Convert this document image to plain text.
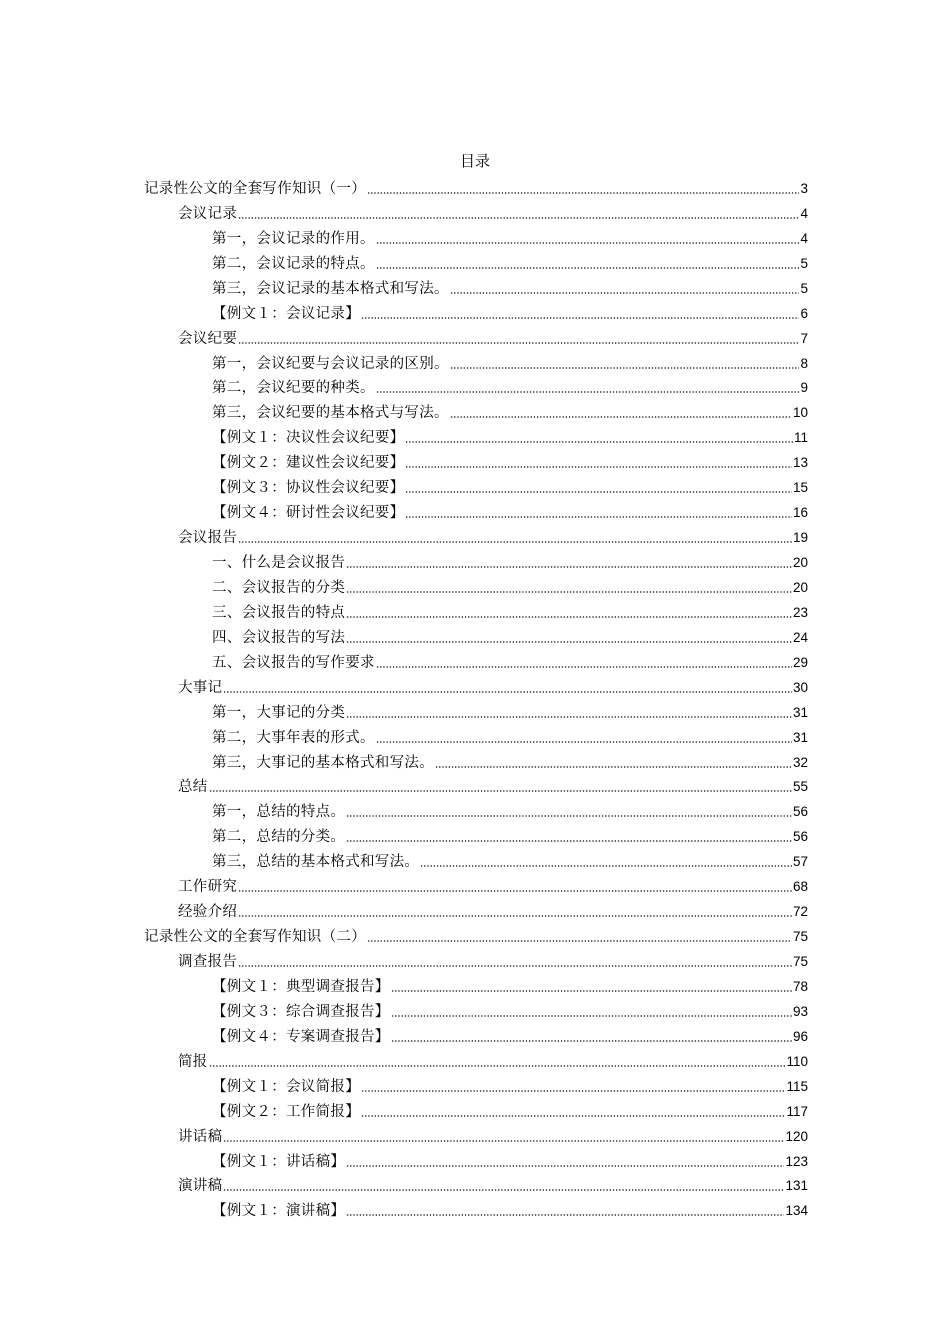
目录
记录性公文的全套写作知识（一）	3
会议记录	4
第一，会议记录的作用。	4
第二，会议记录的特点。	5
第三，会议记录的基本格式和写法。	5
【例文１：会议记录】	6
会议纪要	7
第一，会议纪要与会议记录的区别。	8
第二，会议纪要的种类。	9
第三，会议纪要的基本格式与写法。	10
【例文１：决议性会议纪要】	11
【例文２：建议性会议纪要】	13
【例文３：协议性会议纪要】	15
【例文４：研讨性会议纪要】	16
会议报告	19
一、什么是会议报告	20
二、会议报告的分类	20
三、会议报告的特点	23
四、会议报告的写法	24
五、会议报告的写作要求	29
大事记	30
第一，大事记的分类	31
第二，大事年表的形式。	31
第三，大事记的基本格式和写法。	32
总结	55
第一，总结的特点。	56
第二，总结的分类。	56
第三，总结的基本格式和写法。	57
工作研究	68
经验介绍	72
记录性公文的全套写作知识（二）	75
调查报告	75
【例文１：典型调查报告】	78
【例文３：综合调查报告】	93
【例文４：专案调查报告】	96
简报	110
【例文１：会议简报】	115
【例文２：工作简报】	117
讲话稿	120
【例文１：讲话稿】	123
演讲稿	131
【例文１：演讲稿】	134
